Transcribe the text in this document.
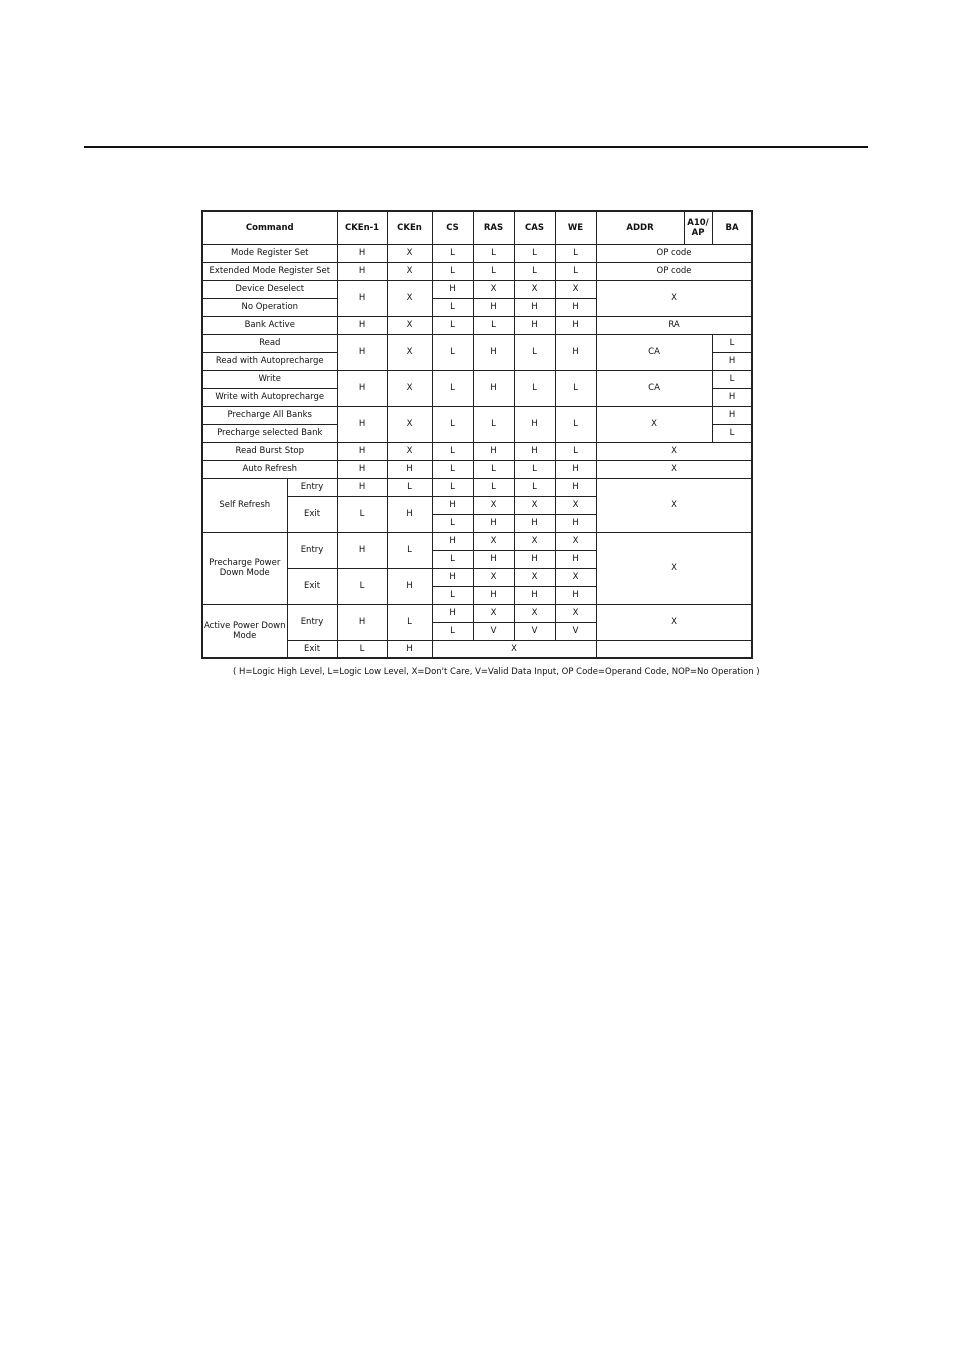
Command		CKEn-1	CKEn	CS	RAS	CAS	WE	ADDR	A10/ AP	BA	
Mode Register Set		H	X	L	L	L	L	OP code	
Extended Mode Register Set		H	X	L	L	L	L	OP code	
Device Deselect		H	X	H	X	X	X	X	
No Operation				L	H	H	H				
Bank Active		H	X	L	L	H	H	RA		
Read		H	X	L	H	L	H	CA		L		
Read with Autoprecharge										H	
Write		H	X	L	H	L	L	CA		L		
Write with Autoprecharge										H	
Precharge All Banks		H	X	L	L	H	L	X		H		
Precharge selected Bank										L		
Read Burst Stop		H	X	L	H	H	L	X	
Auto Refresh		H	H	L	L	L	H	X	
Self Refresh	Entry	H	L	L	L	L	H	X	
	Exit	L	H	H	X	X	X	
				L	H	H	H				
Precharge Power Down Mode	Entry	H	L	H	X	X	X	X	
				L	H	H	H	
	Exit	L	H	H	X	X	X	
				L	H	H	H	
Active Power Down Mode	Entry	H	L	H	X	X	X	X	
				L	V	V	V	
	Exit	L	H	X		
( H=Logic High Level, L=Logic Low Level, X=Don't Care, V=Valid Data Input, OP Code=Operand Code, NOP=No Operation )
